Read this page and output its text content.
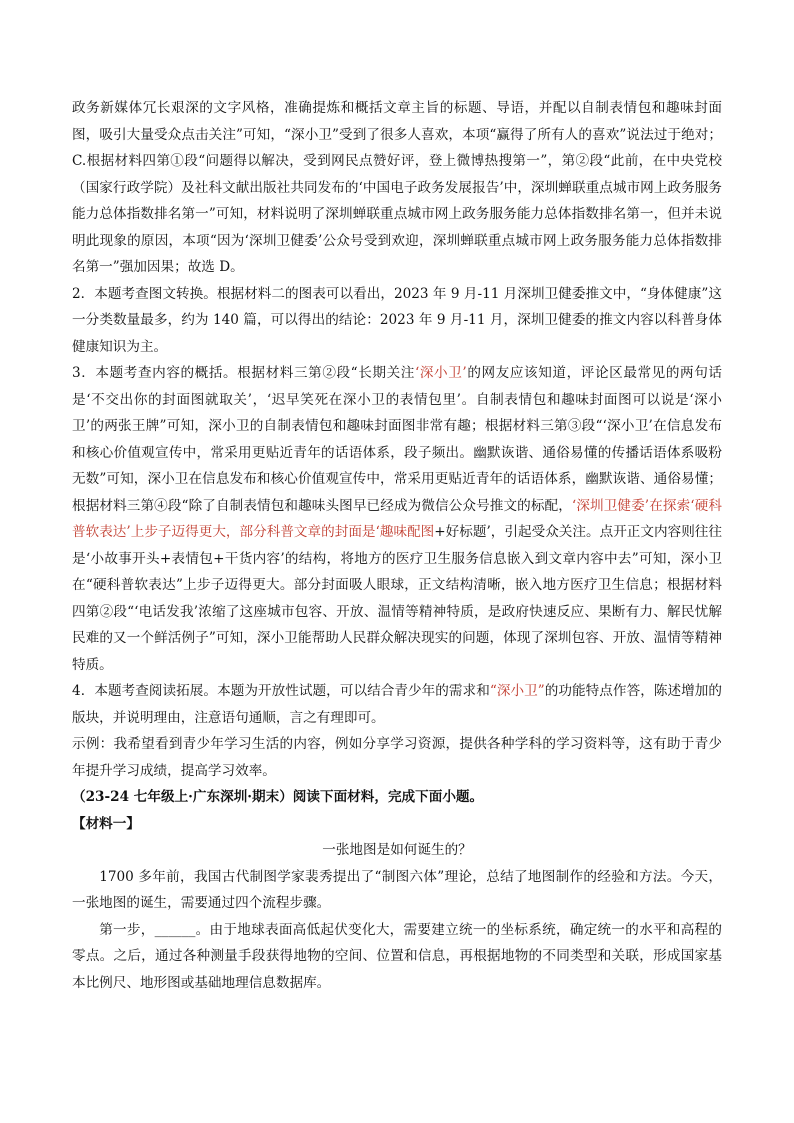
政务新媒体冗长艰深的文字风格，准确提炼和概括文章主旨的标题、导语，并配以自制表情包和趣味封面图，吸引大量受众点击关注”可知，“深小卫”受到了很多人喜欢，本项“赢得了所有人的喜欢”说法过于绝对；C.根据材料四第①段“问题得以解决，受到网民点赞好评，登上微博热搜第一”，第②段“此前，在中央党校（国家行政学院）及社科文献出版社共同发布的‘中国电子政务发展报告’中，深圳蝉联重点城市网上政务服务能力总体指数排名第一”可知，材料说明了深圳蝉联重点城市网上政务服务能力总体指数排名第一，但并未说明此现象的原因，本项“因为‘深圳卫健委’公众号受到欢迎，深圳蝉联重点城市网上政务服务能力总体指数排名第一”强加因果；故选 D。

2．本题考查图文转换。根据材料二的图表可以看出，2023 年 9 月-11 月深圳卫健委推文中，“身体健康”这一分类数量最多，约为 140 篇，可以得出的结论：2023 年 9 月-11 月，深圳卫健委的推文内容以科普身体健康知识为主。

3．本题考查内容的概括。根据材料三第②段“长期关注‘深小卫’的网友应该知道，评论区最常见的两句话是‘不交出你的封面图就取关’，‘迟早笑死在深小卫的表情包里’。自制表情包和趣味封面图可以说是‘深小卫’的两张王牌”可知，深小卫的自制表情包和趣味封面图非常有趣；根据材料三第③段“‘深小卫’在信息发布和核心价值观宣传中，常采用更贴近青年的话语体系，段子频出。幽默诙谐、通俗易懂的传播话语体系吸粉无数”可知，深小卫在信息发布和核心价值观宣传中，常采用更贴近青年的话语体系，幽默诙谐、通俗易懂；根据材料三第④段“除了自制表情包和趣味头图早已经成为微信公众号推文的标配，‘深圳卫健委’在探索‘硬科普软表达’上步子迈得更大，部分科普文章的封面是‘趣味配图+好标题’，引起受众关注。点开正文内容则往往是‘小故事开头+表情包+干货内容’的结构，将地方的医疗卫生服务信息嵌入到文章内容中去”可知，深小卫在“硬科普软表达”上步子迈得更大。部分封面吸人眼球，正文结构清晰，嵌入地方医疗卫生信息；根据材料四第②段“‘电话发我’浓缩了这座城市包容、开放、温情等精神特质，是政府快速反应、果断有力、解民忧解民难的又一个鲜活例子”可知，深小卫能帮助人民群众解决现实的问题，体现了深圳包容、开放、温情等精神特质。

4．本题考查阅读拓展。本题为开放性试题，可以结合青少年的需求和“深小卫”的功能特点作答，陈述增加的版块，并说明理由，注意语句通顺，言之有理即可。

示例：我希望看到青少年学习生活的内容，例如分享学习资源，提供各种学科的学习资料等，这有助于青少年提升学习成绩，提高学习效率。

（23-24 七年级上·广东深圳·期末）阅读下面材料，完成下面小题。

【材料一】

一张地图是如何诞生的？

1700 多年前，我国古代制图学家裴秀提出了“制图六体”理论，总结了地图制作的经验和方法。今天，一张地图的诞生，需要通过四个流程步骤。

第一步，______。由于地球表面高低起伏变化大，需要建立统一的坐标系统，确定统一的水平和高程的零点。之后，通过各种测量手段获得地物的空间、位置和信息，再根据地物的不同类型和关联，形成国家基本比例尺、地形图或基础地理信息数据库。
